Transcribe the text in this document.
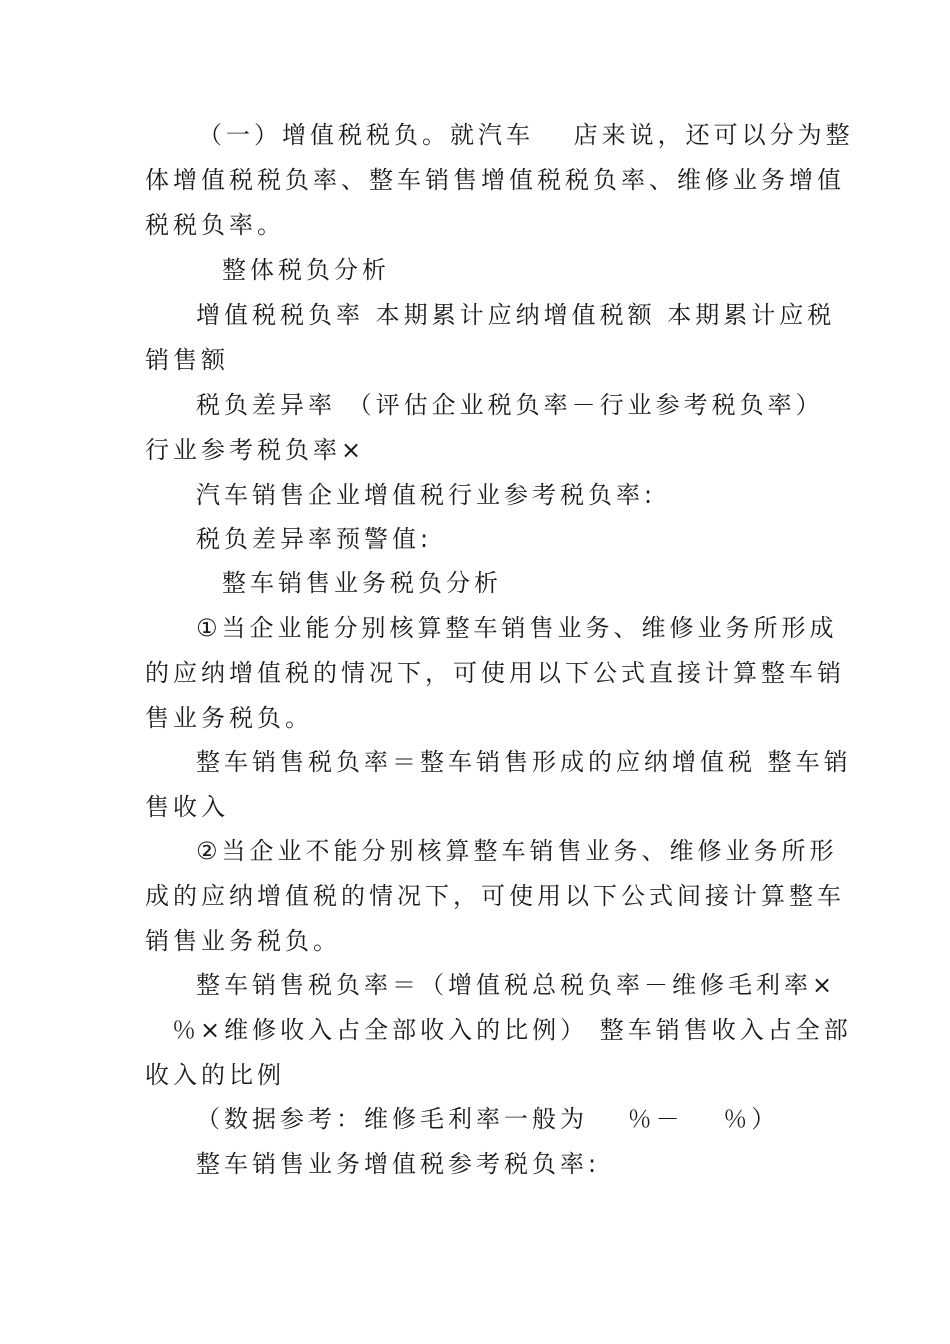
（一）增值税税负。就汽车　 店来说，还可以分为整
体增值税税负率、整车销售增值税税负率、维修业务增值
税税负率。
整体税负分析
增值税税负率 本期累计应纳增值税额 本期累计应税
销售额
税负差异率 （评估企业税负率－行业参考税负率）
行业参考税负率×
汽车销售企业增值税行业参考税负率:
税负差异率预警值:
整车销售业务税负分析
①当企业能分别核算整车销售业务、维修业务所形成
的应纳增值税的情况下，可使用以下公式直接计算整车销
售业务税负。
整车销售税负率＝整车销售形成的应纳增值税 整车销
售收入
②当企业不能分别核算整车销售业务、维修业务所形
成的应纳增值税的情况下，可使用以下公式间接计算整车
销售业务税负。
整车销售税负率＝（增值税总税负率－维修毛利率×
％×维修收入占全部收入的比例） 整车销售收入占全部
收入的比例
（数据参考：维修毛利率一般为　 ％－　 ％）
整车销售业务增值税参考税负率:
